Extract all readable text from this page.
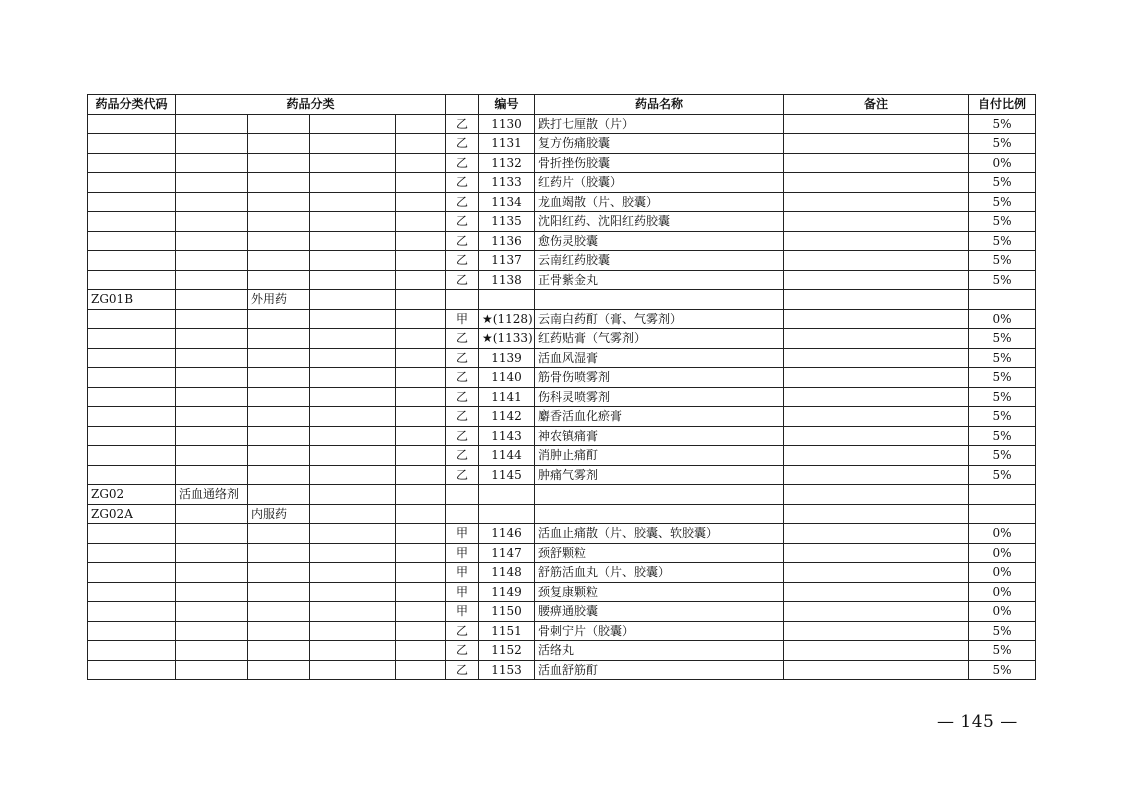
药品分类代码	药品分类					编号	药品名称	备注	自付比例
					乙	1130	跌打七厘散（片）		5%
					乙	1131	复方伤痛胶囊		5%
					乙	1132	骨折挫伤胶囊		0%
					乙	1133	红药片（胶囊）		5%
					乙	1134	龙血竭散（片、胶囊）		5%
					乙	1135	沈阳红药、沈阳红药胶囊		5%
					乙	1136	愈伤灵胶囊		5%
					乙	1137	云南红药胶囊		5%
					乙	1138	正骨紫金丸		5%
ZG01B		外用药							
					甲	★(1128)	云南白药酊（膏、气雾剂）		0%
					乙	★(1133)	红药贴膏（气雾剂）		5%
					乙	1139	活血风湿膏		5%
					乙	1140	筋骨伤喷雾剂		5%
					乙	1141	伤科灵喷雾剂		5%
					乙	1142	麝香活血化瘀膏		5%
					乙	1143	神农镇痛膏		5%
					乙	1144	消肿止痛酊		5%
					乙	1145	肿痛气雾剂		5%
ZG02	活血通络剂								
ZG02A		内服药							
					甲	1146	活血止痛散（片、胶囊、软胶囊）		0%
					甲	1147	颈舒颗粒		0%
					甲	1148	舒筋活血丸（片、胶囊）		0%
					甲	1149	颈复康颗粒		0%
					甲	1150	腰痹通胶囊		0%
					乙	1151	骨刺宁片（胶囊）		5%
					乙	1152	活络丸		5%
					乙	1153	活血舒筋酊		5%
— 145 —
